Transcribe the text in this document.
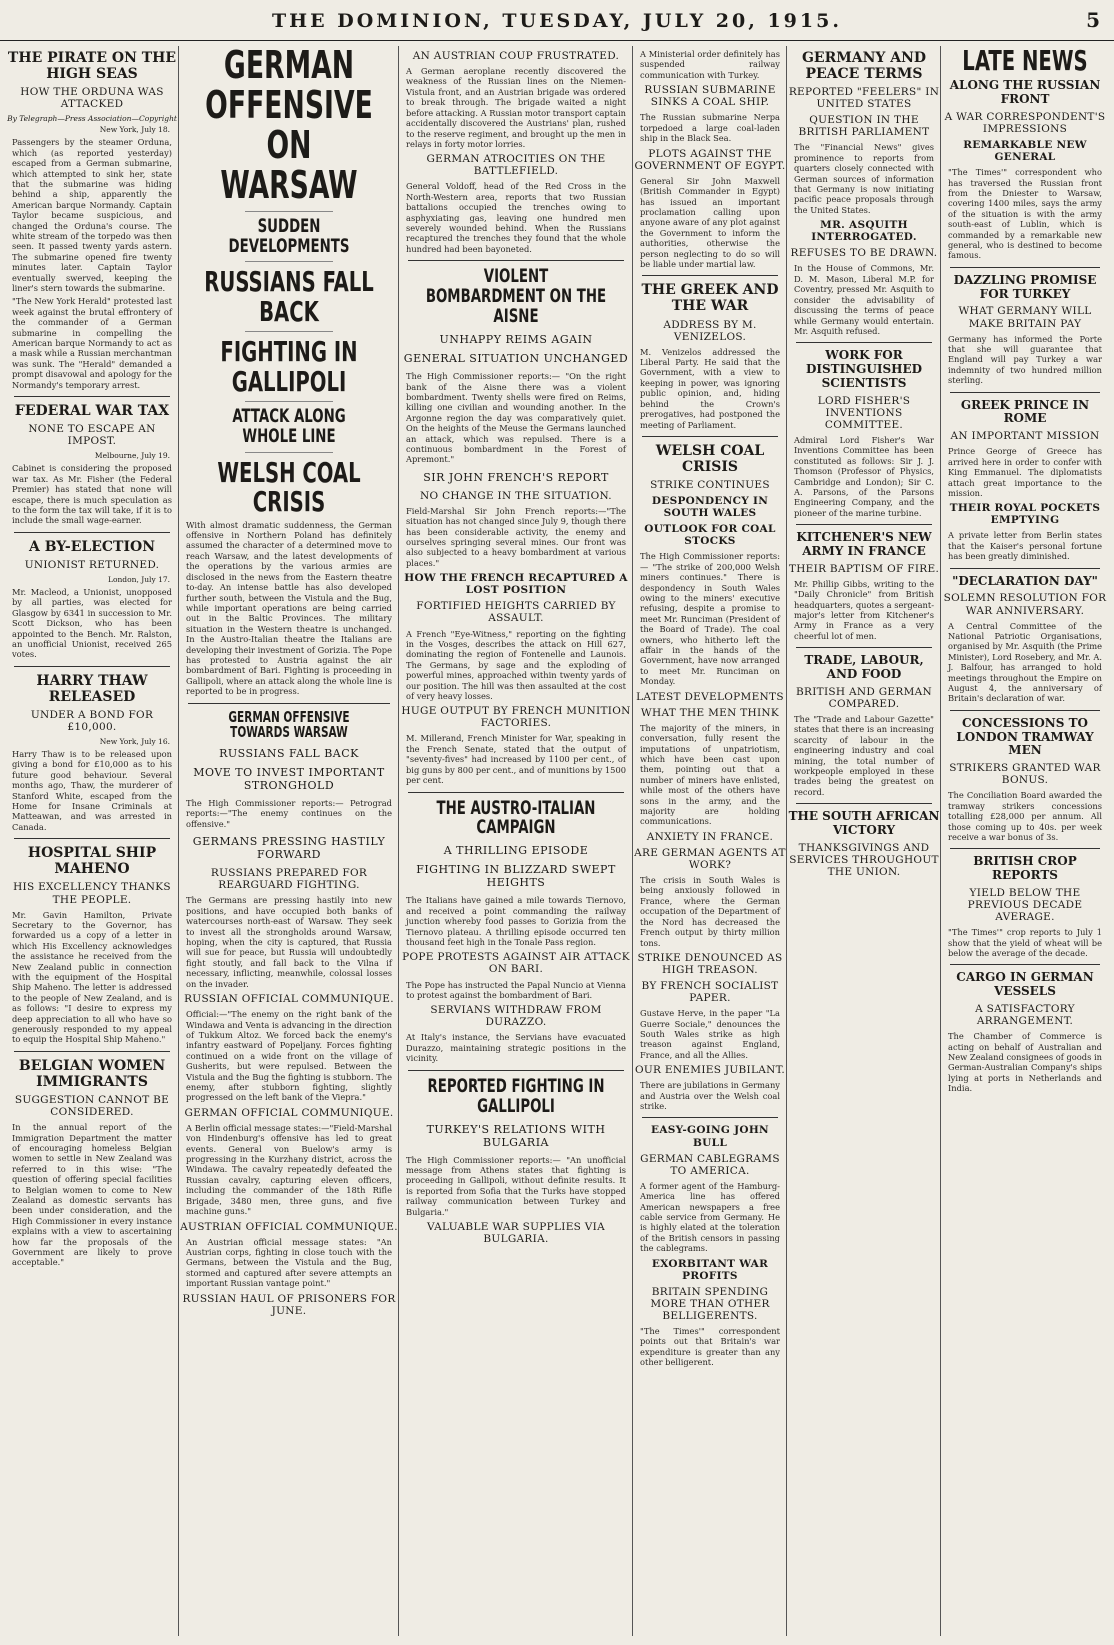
THE DOMINION, TUESDAY, JULY 20, 1915.	5
THE PIRATE ON THE HIGH SEAS
HOW THE ORDUNA WAS ATTACKED
By Telegraph—Press Association—Copyright
New York, July 18.
Passengers by the steamer Orduna, which (as reported yesterday) escaped from a German submarine, which attempted to sink her, state that the submarine was hiding behind a ship, apparently the American barque Normandy. Captain Taylor became suspicious, and changed the Orduna's course. The white stream of the torpedo was then seen. It passed twenty yards astern. The submarine opened fire twenty minutes later. Captain Taylor eventually swerved, keeping the liner's stern towards the submarine.
"The New York Herald" protested last week against the brutal effrontery of the commander of a German submarine in compelling the American barque Normandy to act as a mask while a Russian merchantman was sunk. The "Herald" demanded a prompt disavowal and apology for the Normandy's temporary arrest.
FEDERAL WAR TAX
NONE TO ESCAPE AN IMPOST.
Melbourne, July 19.
Cabinet is considering the proposed war tax. As Mr. Fisher (the Federal Premier) has stated that none will escape, there is much speculation as to the form the tax will take, if it is to include the small wage-earner.
A BY-ELECTION
UNIONIST RETURNED.
London, July 17.
Mr. Macleod, a Unionist, unopposed by all parties, was elected for Glasgow by 6341 in succession to Mr. Scott Dickson, who has been appointed to the Bench. Mr. Ralston, an unofficial Unionist, received 265 votes.
HARRY THAW RELEASED
UNDER A BOND FOR £10,000.
New York, July 16.
Harry Thaw is to be released upon giving a bond for £10,000 as to his future good behaviour. Several months ago, Thaw, the murderer of Stanford White, escaped from the Home for Insane Criminals at Matteawan, and was arrested in Canada.
HOSPITAL SHIP MAHENO
HIS EXCELLENCY THANKS THE PEOPLE.
Mr. Gavin Hamilton, Private Secretary to the Governor, has forwarded us a copy of a letter in which His Excellency acknowledges the assistance he received from the New Zealand public in connection with the equipment of the Hospital Ship Maheno. The letter is addressed to the people of New Zealand, and is as follows: "I desire to express my deep appreciation to all who have so generously responded to my appeal to equip the Hospital Ship Maheno."
BELGIAN WOMEN IMMIGRANTS
SUGGESTION CANNOT BE CONSIDERED.
In the annual report of the Immigration Department the matter of encouraging homeless Belgian women to settle in New Zealand was referred to in this wise: "The question of offering special facilities to Belgian women to come to New Zealand as domestic servants has been under consideration, and the High Commissioner in every instance explains with a view to ascertaining how far the proposals of the Government are likely to prove acceptable."
GERMAN OFFENSIVE ON WARSAW
SUDDEN DEVELOPMENTS
RUSSIANS FALL BACK
FIGHTING IN GALLIPOLI
ATTACK ALONG WHOLE LINE
WELSH COAL CRISIS
With almost dramatic suddenness, the German offensive in Northern Poland has definitely assumed the character of a determined move to reach Warsaw, and the latest developments of the operations by the various armies are disclosed in the news from the Eastern theatre to-day. An intense battle has also developed further south, between the Vistula and the Bug, while important operations are being carried out in the Baltic Provinces. The military situation in the Western theatre is unchanged. In the Austro-Italian theatre the Italians are developing their investment of Gorizia. The Pope has protested to Austria against the air bombardment of Bari. Fighting is proceeding in Gallipoli, where an attack along the whole line is reported to be in progress.
GERMAN OFFENSIVE TOWARDS WARSAW
RUSSIANS FALL BACK
MOVE TO INVEST IMPORTANT STRONGHOLD
The High Commissioner reports:— Petrograd reports:—"The enemy continues on the offensive."
GERMANS PRESSING HASTILY FORWARD
RUSSIANS PREPARED FOR REARGUARD FIGHTING.
The Germans are pressing hastily into new positions, and have occupied both banks of watercourses north-east of Warsaw. They seek to invest all the strongholds around Warsaw, hoping, when the city is captured, that Russia will sue for peace, but Russia will undoubtedly fight stoutly, and fall back to the Vilna if necessary, inflicting, meanwhile, colossal losses on the invader.
RUSSIAN OFFICIAL COMMUNIQUE.
Official:—"The enemy on the right bank of the Windawa and Venta is advancing in the direction of Tukkum Altoz. We forced back the enemy's infantry eastward of Popeljany. Forces fighting continued on a wide front on the village of Gusherits, but were repulsed. Between the Vistula and the Bug the fighting is stubborn. The enemy, after stubborn fighting, slightly progressed on the left bank of the Viepra."
GERMAN OFFICIAL COMMUNIQUE.
A Berlin official message states:—"Field-Marshal von Hindenburg's offensive has led to great events. General von Buelow's army is progressing in the Kurzhany district, across the Windawa. The cavalry repeatedly defeated the Russian cavalry, capturing eleven officers, including the commander of the 18th Rifle Brigade, 3480 men, three guns, and five machine guns."
AUSTRIAN OFFICIAL COMMUNIQUE.
An Austrian official message states: "An Austrian corps, fighting in close touch with the Germans, between the Vistula and the Bug, stormed and captured after severe attempts an important Russian vantage point."
RUSSIAN HAUL OF PRISONERS FOR JUNE.
AN AUSTRIAN COUP FRUSTRATED.
A German aeroplane recently discovered the weakness of the Russian lines on the Niemen-Vistula front, and an Austrian brigade was ordered to break through. The brigade waited a night before attacking. A Russian motor transport captain accidentally discovered the Austrians' plan, rushed to the reserve regiment, and brought up the men in relays in forty motor lorries.
GERMAN ATROCITIES ON THE BATTLEFIELD.
General Voldoff, head of the Red Cross in the North-Western area, reports that two Russian battalions occupied the trenches owing to asphyxiating gas, leaving one hundred men severely wounded behind. When the Russians recaptured the trenches they found that the whole hundred had been bayoneted.
VIOLENT BOMBARDMENT ON THE AISNE
UNHAPPY REIMS AGAIN
GENERAL SITUATION UNCHANGED
The High Commissioner reports:— "On the right bank of the Aisne there was a violent bombardment. Twenty shells were fired on Reims, killing one civilian and wounding another. In the Argonne region the day was comparatively quiet. On the heights of the Meuse the Germans launched an attack, which was repulsed. There is a continuous bombardment in the Forest of Apremont."
SIR JOHN FRENCH'S REPORT
NO CHANGE IN THE SITUATION.
Field-Marshal Sir John French reports:—"The situation has not changed since July 9, though there has been considerable activity, the enemy and ourselves springing several mines. Our front was also subjected to a heavy bombardment at various places."
HOW THE FRENCH RECAPTURED A LOST POSITION
FORTIFIED HEIGHTS CARRIED BY ASSAULT.
A French "Eye-Witness," reporting on the fighting in the Vosges, describes the attack on Hill 627, dominating the region of Fontenelle and Launois. The Germans, by sage and the exploding of powerful mines, approached within twenty yards of our position. The hill was then assaulted at the cost of very heavy losses.
HUGE OUTPUT BY FRENCH MUNITION FACTORIES.
M. Millerand, French Minister for War, speaking in the French Senate, stated that the output of "seventy-fives" had increased by 1100 per cent., of big guns by 800 per cent., and of munitions by 1500 per cent.
THE AUSTRO-ITALIAN CAMPAIGN
A THRILLING EPISODE
FIGHTING IN BLIZZARD SWEPT HEIGHTS
The Italians have gained a mile towards Tiernovo, and received a point commanding the railway junction whereby food passes to Gorizia from the Tiernovo plateau. A thrilling episode occurred ten thousand feet high in the Tonale Pass region.
POPE PROTESTS AGAINST AIR ATTACK ON BARI.
The Pope has instructed the Papal Nuncio at Vienna to protest against the bombardment of Bari.
SERVIANS WITHDRAW FROM DURAZZO.
At Italy's instance, the Servians have evacuated Durazzo, maintaining strategic positions in the vicinity.
REPORTED FIGHTING IN GALLIPOLI
TURKEY'S RELATIONS WITH BULGARIA
The High Commissioner reports:— "An unofficial message from Athens states that fighting is proceeding in Gallipoli, without definite results. It is reported from Sofia that the Turks have stopped railway communication between Turkey and Bulgaria."
VALUABLE WAR SUPPLIES VIA BULGARIA.
A Ministerial order definitely has suspended railway communication with Turkey.
RUSSIAN SUBMARINE SINKS A COAL SHIP.
The Russian submarine Nerpa torpedoed a large coal-laden ship in the Black Sea.
PLOTS AGAINST THE GOVERNMENT OF EGYPT.
General Sir John Maxwell (British Commander in Egypt) has issued an important proclamation calling upon anyone aware of any plot against the Government to inform the authorities, otherwise the person neglecting to do so will be liable under martial law.
THE GREEK AND THE WAR
ADDRESS BY M. VENIZELOS.
M. Venizelos addressed the Liberal Party. He said that the Government, with a view to keeping in power, was ignoring public opinion, and, hiding behind the Crown's prerogatives, had postponed the meeting of Parliament.
WELSH COAL CRISIS
STRIKE CONTINUES
DESPONDENCY IN SOUTH WALES
OUTLOOK FOR COAL STOCKS
The High Commissioner reports:— "The strike of 200,000 Welsh miners continues." There is despondency in South Wales owing to the miners' executive refusing, despite a promise to meet Mr. Runciman (President of the Board of Trade). The coal owners, who hitherto left the affair in the hands of the Government, have now arranged to meet Mr. Runciman on Monday.
LATEST DEVELOPMENTS
WHAT THE MEN THINK
The majority of the miners, in conversation, fully resent the imputations of unpatriotism, which have been cast upon them, pointing out that a number of miners have enlisted, while most of the others have sons in the army, and the majority are holding communications.
ANXIETY IN FRANCE.
ARE GERMAN AGENTS AT WORK?
The crisis in South Wales is being anxiously followed in France, where the German occupation of the Department of the Nord has decreased the French output by thirty million tons.
STRIKE DENOUNCED AS HIGH TREASON.
BY FRENCH SOCIALIST PAPER.
Gustave Herve, in the paper "La Guerre Sociale," denounces the South Wales strike as high treason against England, France, and all the Allies.
OUR ENEMIES JUBILANT.
There are jubilations in Germany and Austria over the Welsh coal strike.
EASY-GOING JOHN BULL
GERMAN CABLEGRAMS TO AMERICA.
A former agent of the Hamburg-America line has offered American newspapers a free cable service from Germany. He is highly elated at the toleration of the British censors in passing the cablegrams.
EXORBITANT WAR PROFITS
BRITAIN SPENDING MORE THAN OTHER BELLIGERENTS.
"The Times'" correspondent points out that Britain's war expenditure is greater than any other belligerent.
GERMANY AND PEACE TERMS
REPORTED "FEELERS" IN UNITED STATES
QUESTION IN THE BRITISH PARLIAMENT
The "Financial News" gives prominence to reports from quarters closely connected with German sources of information that Germany is now initiating pacific peace proposals through the United States.
MR. ASQUITH INTERROGATED.
REFUSES TO BE DRAWN.
In the House of Commons, Mr. D. M. Mason, Liberal M.P. for Coventry, pressed Mr. Asquith to consider the advisability of discussing the terms of peace while Germany would entertain. Mr. Asquith refused.
WORK FOR DISTINGUISHED SCIENTISTS
LORD FISHER'S INVENTIONS COMMITTEE.
Admiral Lord Fisher's War Inventions Committee has been constituted as follows: Sir J. J. Thomson (Professor of Physics, Cambridge and London); Sir C. A. Parsons, of the Parsons Engineering Company, and the pioneer of the marine turbine.
KITCHENER'S NEW ARMY IN FRANCE
THEIR BAPTISM OF FIRE.
Mr. Phillip Gibbs, writing to the "Daily Chronicle" from British headquarters, quotes a sergeant-major's letter from Kitchener's Army in France as a very cheerful lot of men.
TRADE, LABOUR, AND FOOD
BRITISH AND GERMAN COMPARED.
The "Trade and Labour Gazette" states that there is an increasing scarcity of labour in the engineering industry and coal mining, the total number of workpeople employed in these trades being the greatest on record.
THE SOUTH AFRICAN VICTORY
THANKSGIVINGS AND SERVICES THROUGHOUT THE UNION.
LATE NEWS
ALONG THE RUSSIAN FRONT
A WAR CORRESPONDENT'S IMPRESSIONS
REMARKABLE NEW GENERAL
"The Times'" correspondent who has traversed the Russian front from the Dniester to Warsaw, covering 1400 miles, says the army of the situation is with the army south-east of Lublin, which is commanded by a remarkable new general, who is destined to become famous.
DAZZLING PROMISE FOR TURKEY
WHAT GERMANY WILL MAKE BRITAIN PAY
Germany has informed the Porte that she will guarantee that England will pay Turkey a war indemnity of two hundred million sterling.
GREEK PRINCE IN ROME
AN IMPORTANT MISSION
Prince George of Greece has arrived here in order to confer with King Emmanuel. The diplomatists attach great importance to the mission.
THEIR ROYAL POCKETS EMPTYING
A private letter from Berlin states that the Kaiser's personal fortune has been greatly diminished.
"DECLARATION DAY"
SOLEMN RESOLUTION FOR WAR ANNIVERSARY.
A Central Committee of the National Patriotic Organisations, organised by Mr. Asquith (the Prime Minister), Lord Rosebery, and Mr. A. J. Balfour, has arranged to hold meetings throughout the Empire on August 4, the anniversary of Britain's declaration of war.
CONCESSIONS TO LONDON TRAMWAY MEN
STRIKERS GRANTED WAR BONUS.
The Conciliation Board awarded the tramway strikers concessions totalling £28,000 per annum. All those coming up to 40s. per week receive a war bonus of 3s.
BRITISH CROP REPORTS
YIELD BELOW THE PREVIOUS DECADE AVERAGE.
"The Times'" crop reports to July 1 show that the yield of wheat will be below the average of the decade.
CARGO IN GERMAN VESSELS
A SATISFACTORY ARRANGEMENT.
The Chamber of Commerce is acting on behalf of Australian and New Zealand consignees of goods in German-Australian Company's ships lying at ports in Netherlands and India.
